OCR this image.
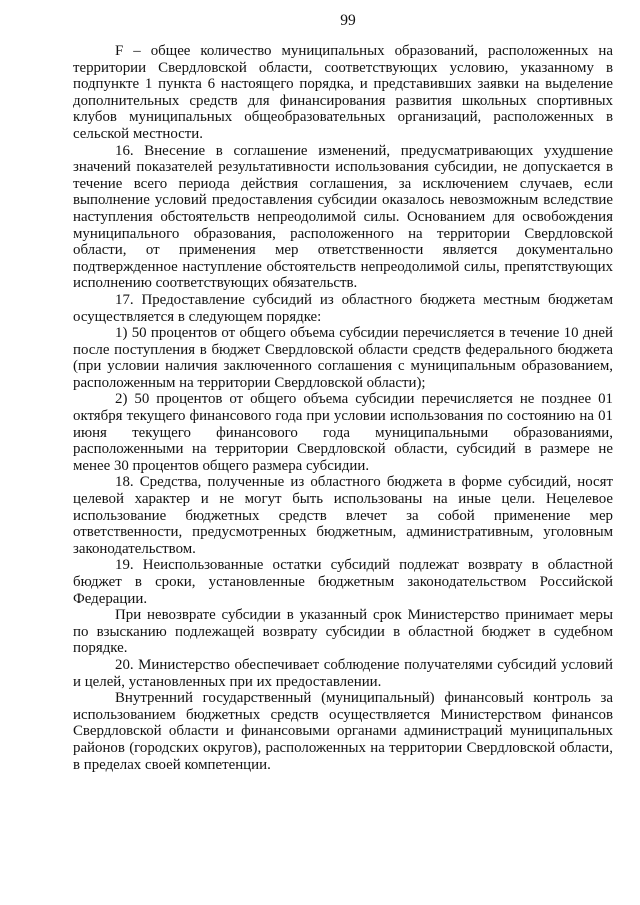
99

F – общее количество муниципальных образований, расположенных на территории Свердловской области, соответствующих условию, указанному в подпункте 1 пункта 6 настоящего порядка, и представивших заявки на выделение дополнительных средств для финансирования развития школьных спортивных клубов муниципальных общеобразовательных организаций, расположенных в сельской местности.

16. Внесение в соглашение изменений, предусматривающих ухудшение значений показателей результативности использования субсидии, не допускается в течение всего периода действия соглашения, за исключением случаев, если выполнение условий предоставления субсидии оказалось невозможным вследствие наступления обстоятельств непреодолимой силы. Основанием для освобождения муниципального образования, расположенного на территории Свердловской области, от применения мер ответственности является документально подтвержденное наступление обстоятельств непреодолимой силы, препятствующих исполнению соответствующих обязательств.

17. Предоставление субсидий из областного бюджета местным бюджетам осуществляется в следующем порядке:

1) 50 процентов от общего объема субсидии перечисляется в течение 10 дней после поступления в бюджет Свердловской области средств федерального бюджета (при условии наличия заключенного соглашения с муниципальным образованием, расположенным на территории Свердловской области);

2) 50 процентов от общего объема субсидии перечисляется не позднее 01 октября текущего финансового года при условии использования по состоянию на 01 июня текущего финансового года муниципальными образованиями, расположенными на территории Свердловской области, субсидий в размере не менее 30 процентов общего размера субсидии.

18. Средства, полученные из областного бюджета в форме субсидий, носят целевой характер и не могут быть использованы на иные цели. Нецелевое использование бюджетных средств влечет за собой применение мер ответственности, предусмотренных бюджетным, административным, уголовным законодательством.

19. Неиспользованные остатки субсидий подлежат возврату в областной бюджет в сроки, установленные бюджетным законодательством Российской Федерации.

При невозврате субсидии в указанный срок Министерство принимает меры по взысканию подлежащей возврату субсидии в областной бюджет в судебном порядке.

20. Министерство обеспечивает соблюдение получателями субсидий условий и целей, установленных при их предоставлении.

Внутренний государственный (муниципальный) финансовый контроль за использованием бюджетных средств осуществляется Министерством финансов Свердловской области и финансовыми органами администраций муниципальных районов (городских округов), расположенных на территории Свердловской области, в пределах своей компетенции.
